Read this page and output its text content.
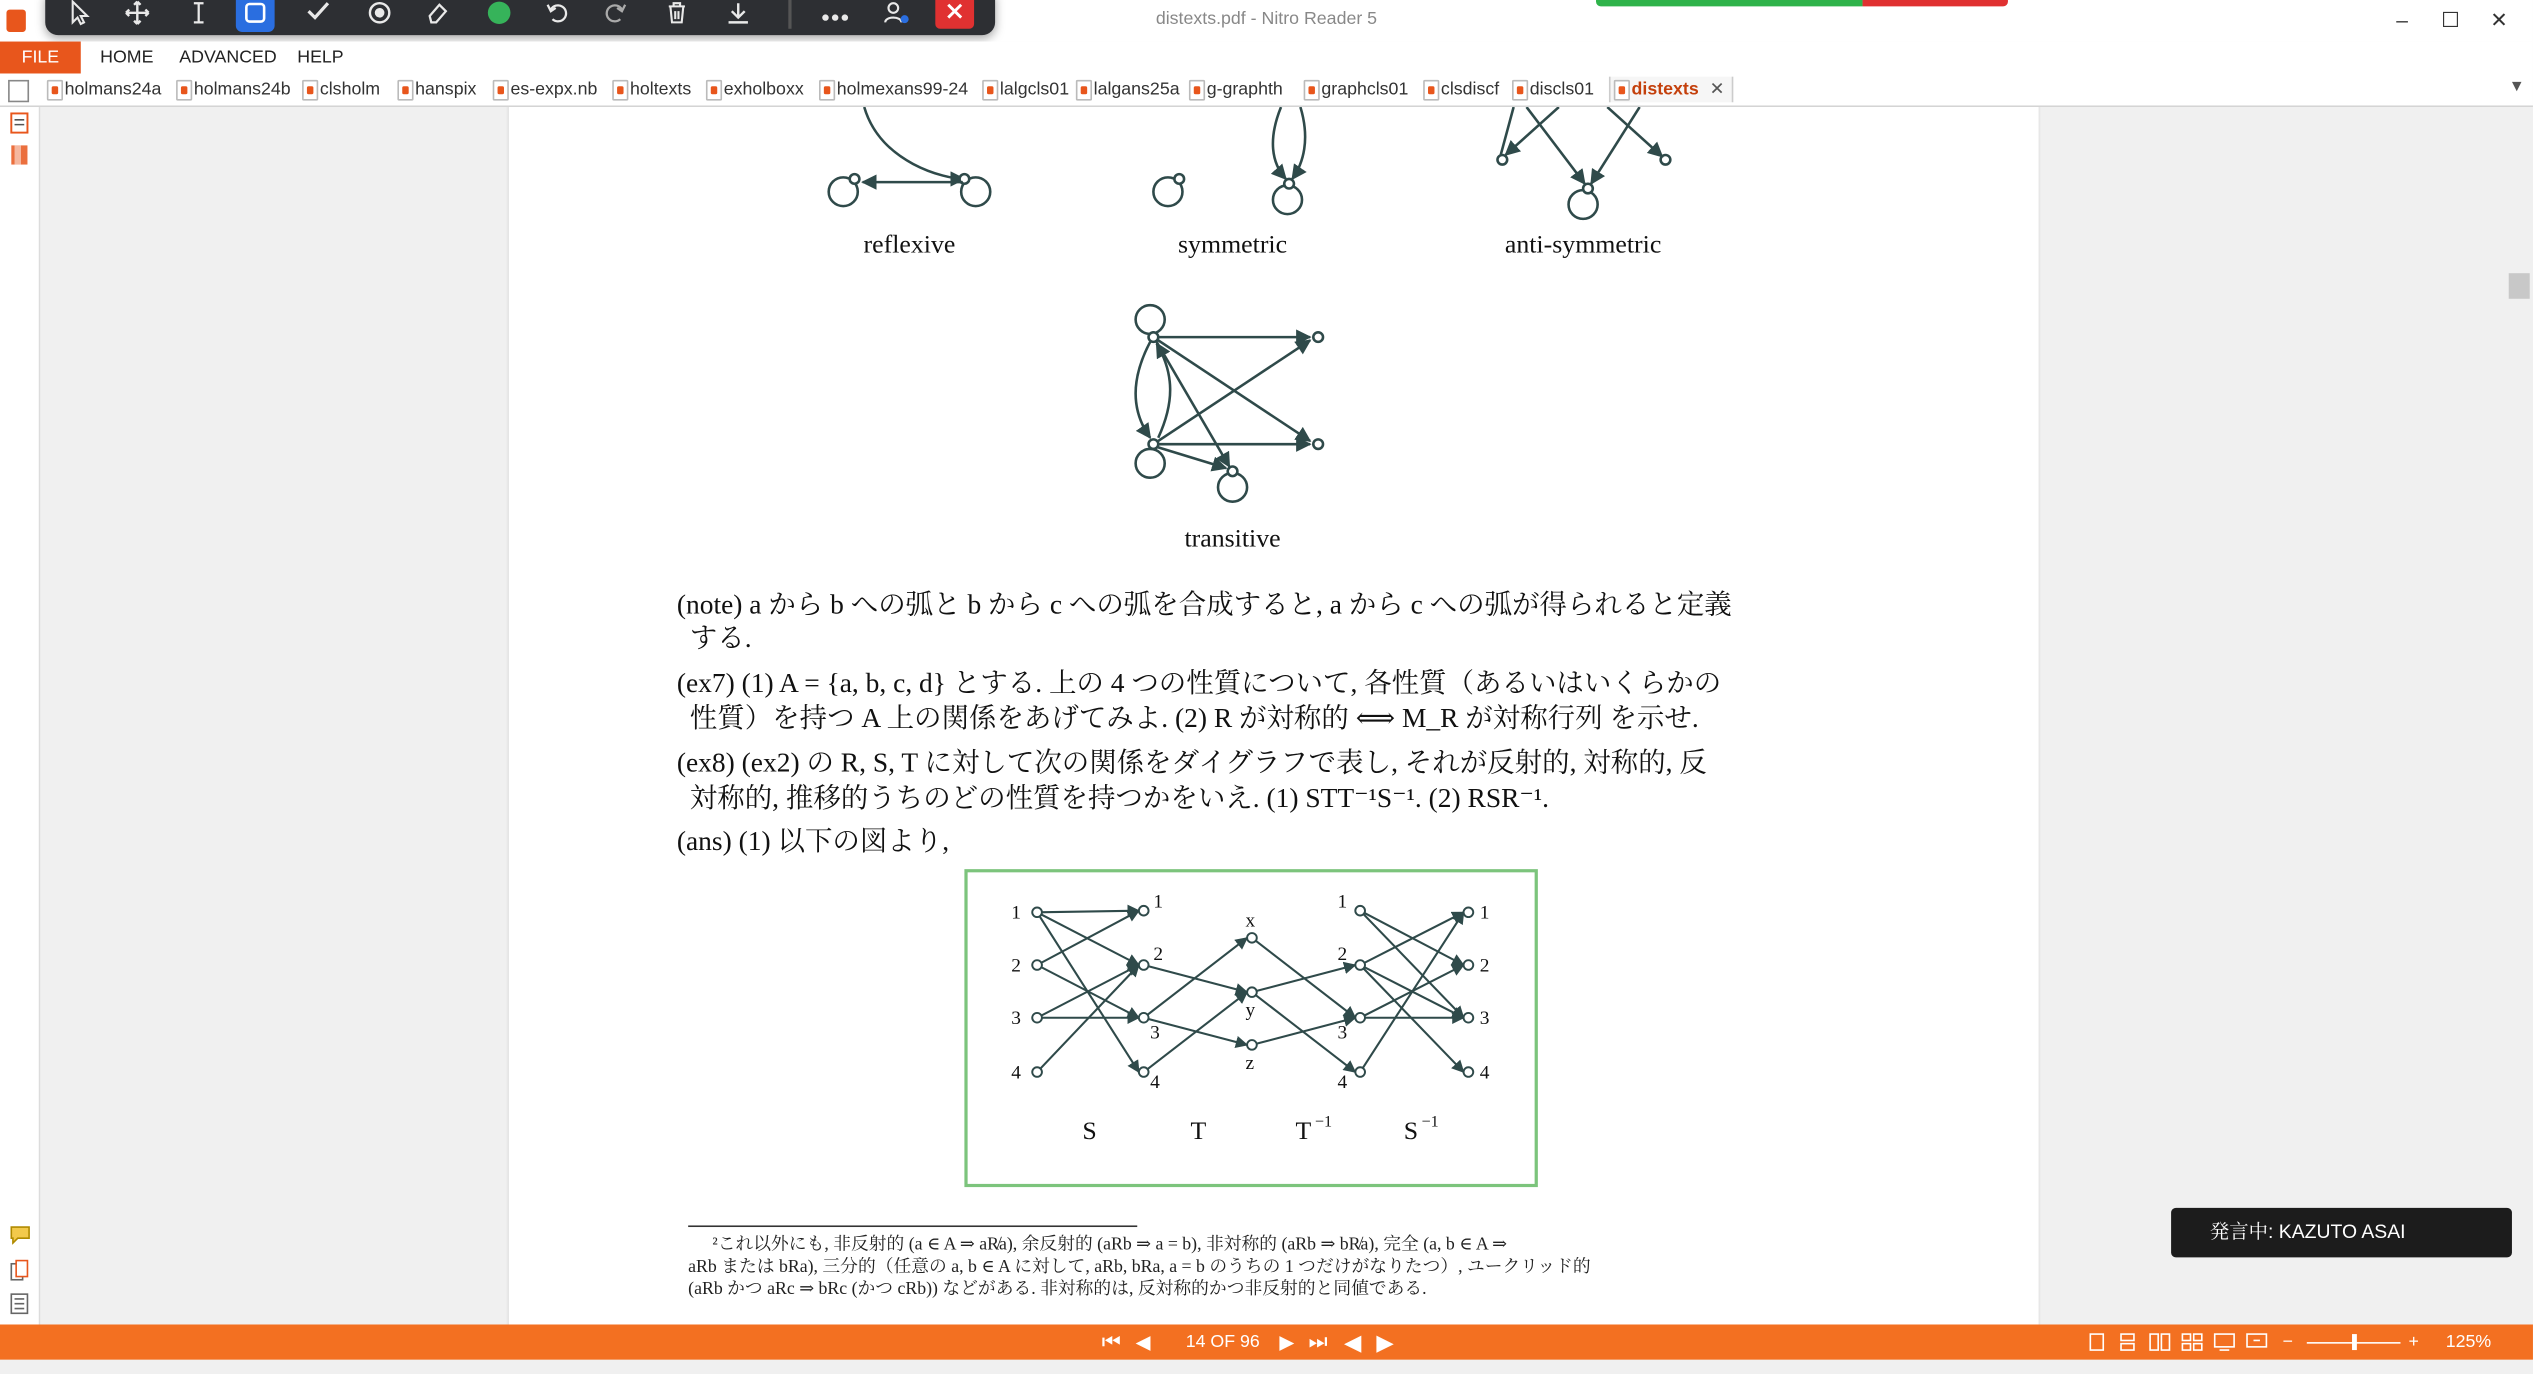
distexts.pdf - Nitro Reader 5	–	☐	✕
FILE	HOME ADVANCED HELP
holmans24a	holmans24b	clsholm	hanspix	es-expx.nb	holtexts	exholboxx	holmexans99-24	lalgcls01	lalgans25a	g-graphth	graphcls01	clsdiscf	discls01	distexts ✕	▼
reflexive	symmetric	anti-symmetric
transitive
(note) a から b への弧と b から c への弧を合成すると, a から c への弧が得られると定義
する.
(ex7) (1) A = {a, b, c, d} とする. 上の 4 つの性質について, 各性質（あるいはいくらかの
性質）を持つ A 上の関係をあげてみよ. (2) R が対称的 ⟺ M_R が対称行列 を示せ.
(ex8) (ex2) の R, S, T に対して次の関係をダイグラフで表し, それが反射的, 対称的, 反
対称的, 推移的うちのどの性質を持つかをいえ. (1) STT⁻¹S⁻¹. (2) RSR⁻¹.
(ans) (1) 以下の図より,
1
2
3
4
1
2
3
4
x
y
z
1
2
3
4
1
2
3
4
S	T	T −1	S −1
²これ以外にも, 非反射的 (a ∈ A ⇒ aR̸a), 余反射的 (aRb ⇒ a = b), 非対称的 (aRb ⇒ bR̸a), 完全 (a, b ∈ A ⇒
aRb または bRa), 三分的（任意の a, b ∈ A に対して, aRb, bRa, a = b のうちの 1 つだけがなりたつ）, ユークリッド的
(aRb かつ aRc ⇒ bRc (かつ cRb)) などがある. 非対称的は, 反対称的かつ非反射的と同値である.
発言中: KAZUTO ASAI
⏮ ◀	14 OF 96 ▶ ⏭ ◀ ▶	−	+ 125%
